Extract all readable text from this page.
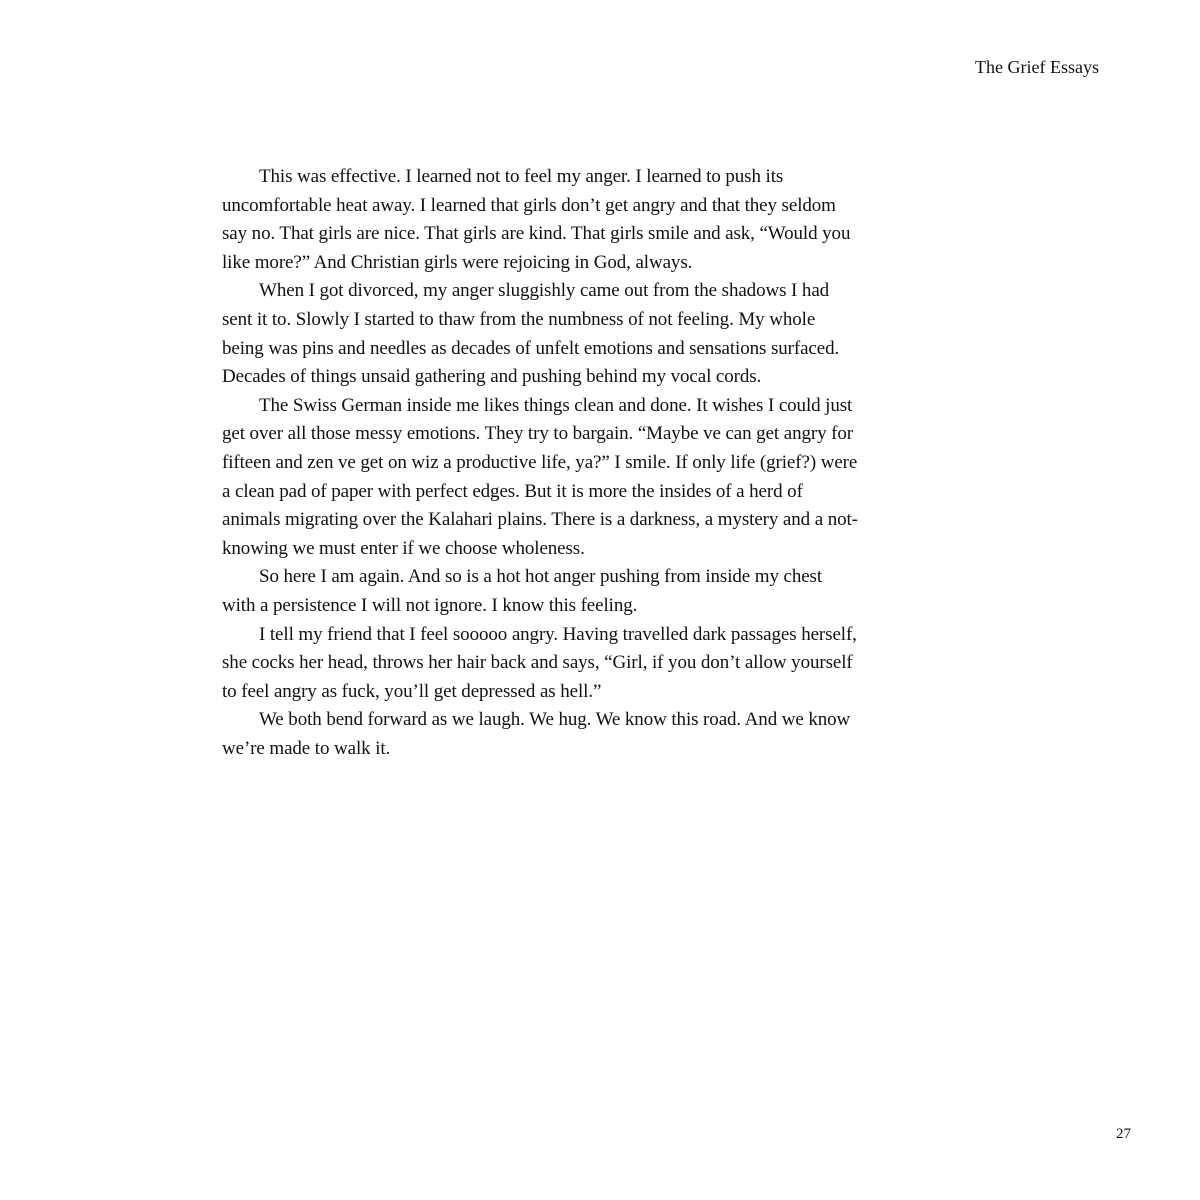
The Grief Essays

This was effective. I learned not to feel my anger. I learned to push its
uncomfortable heat away. I learned that girls don’t get angry and that they seldom
say no. That girls are nice. That girls are kind. That girls smile and ask, “Would you
like more?” And Christian girls were rejoicing in God, always.

When I got divorced, my anger sluggishly came out from the shadows I had
sent it to. Slowly I started to thaw from the numbness of not feeling. My whole
being was pins and needles as decades of unfelt emotions and sensations surfaced.
Decades of things unsaid gathering and pushing behind my vocal cords.

The Swiss German inside me likes things clean and done. It wishes I could just
get over all those messy emotions. They try to bargain. “Maybe ve can get angry for
fifteen and zen ve get on wiz a productive life, ya?” I smile. If only life (grief?) were
a clean pad of paper with perfect edges. But it is more the insides of a herd of
animals migrating over the Kalahari plains. There is a darkness, a mystery and a not-
knowing we must enter if we choose wholeness.

So here I am again. And so is a hot hot anger pushing from inside my chest
with a persistence I will not ignore. I know this feeling.

I tell my friend that I feel sooooo angry. Having travelled dark passages herself,
she cocks her head, throws her hair back and says, “Girl, if you don’t allow yourself
to feel angry as fuck, you’ll get depressed as hell.”

We both bend forward as we laugh. We hug. We know this road. And we know
we’re made to walk it.

27
